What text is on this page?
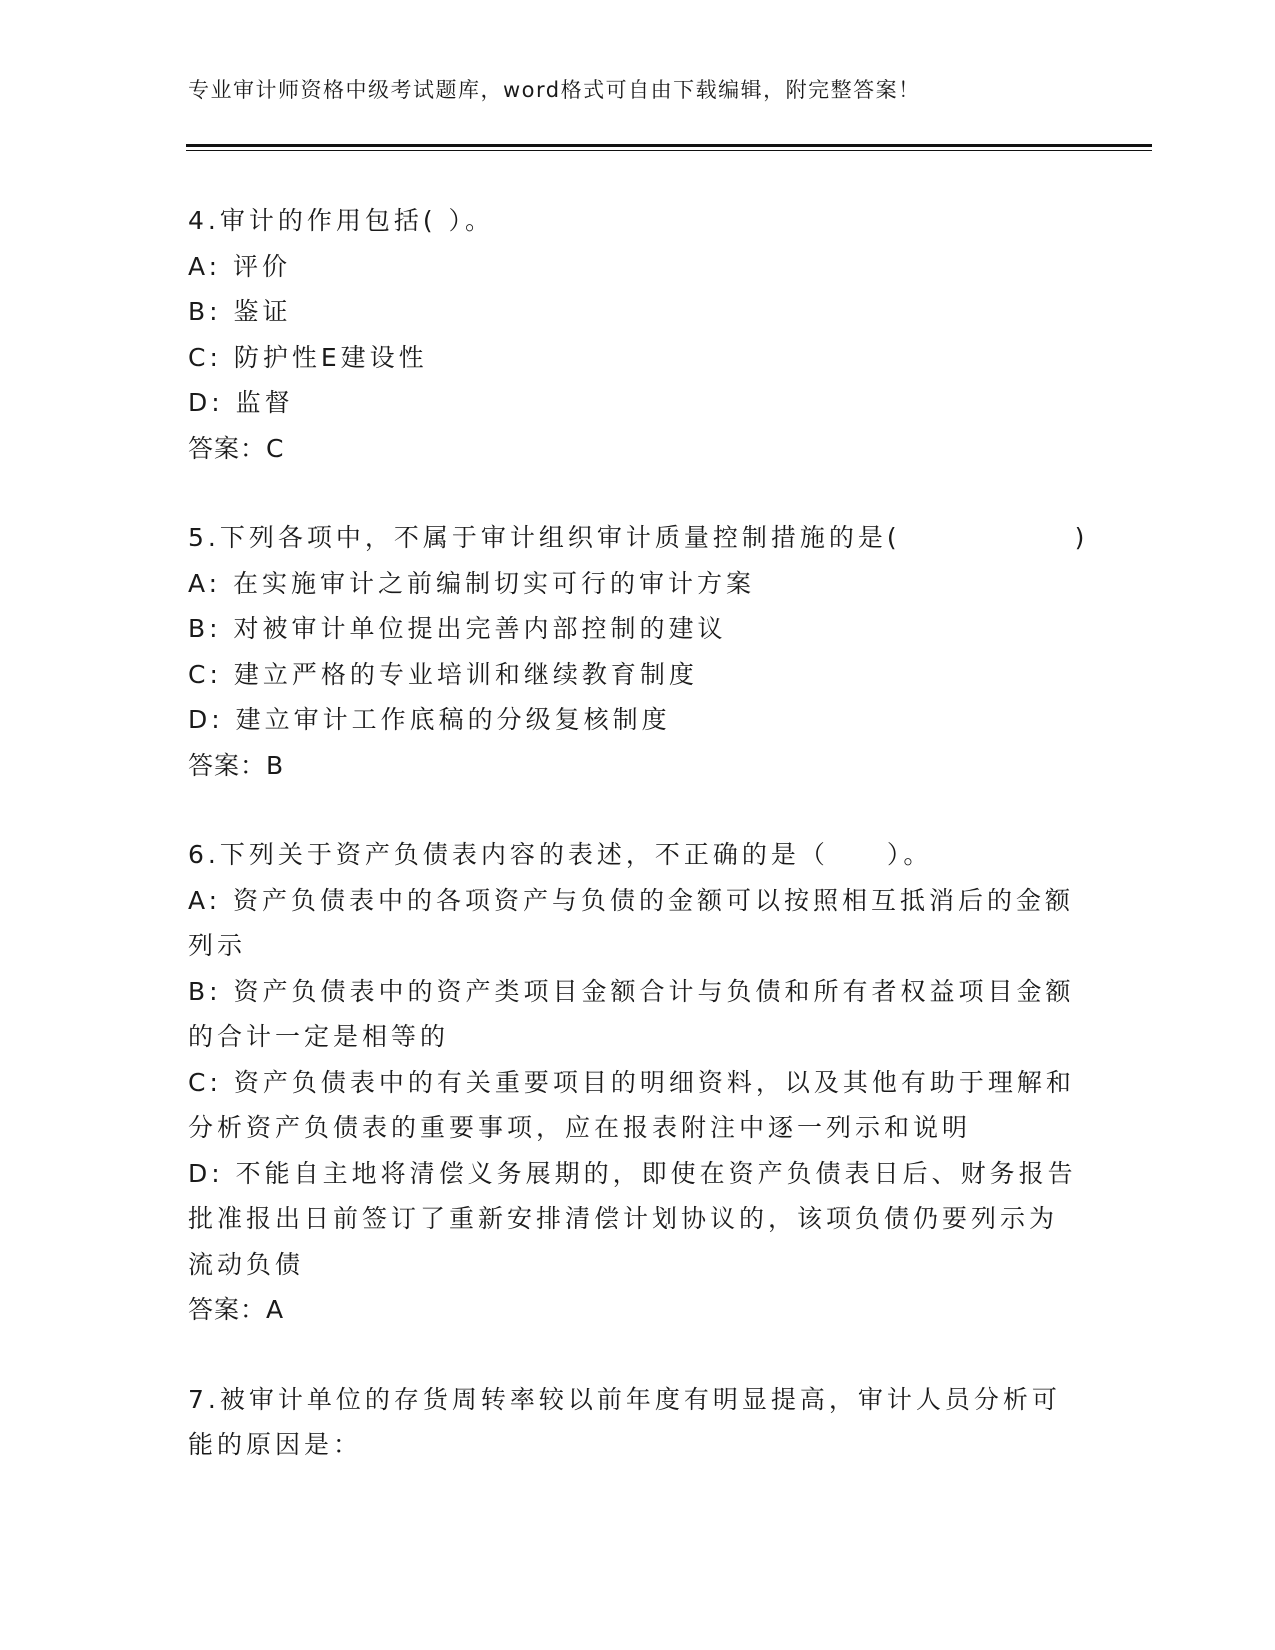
专业审计师资格中级考试题库，word格式可自由下载编辑，附完整答案！
4.审计的作用包括( ）。
A: 评价
B: 鉴证
C: 防护性E建设性
D: 监督
答案：C
5.下列各项中，不属于审计组织审计质量控制措施的是(　　　　　　)
A: 在实施审计之前编制切实可行的审计方案
B: 对被审计单位提出完善内部控制的建议
C: 建立严格的专业培训和继续教育制度
D: 建立审计工作底稿的分级复核制度
答案：B
6.下列关于资产负债表内容的表述，不正确的是（　　）。
A: 资产负债表中的各项资产与负债的金额可以按照相互抵消后的金额
列示
B: 资产负债表中的资产类项目金额合计与负债和所有者权益项目金额
的合计一定是相等的
C: 资产负债表中的有关重要项目的明细资料，以及其他有助于理解和
分析资产负债表的重要事项，应在报表附注中逐一列示和说明
D: 不能自主地将清偿义务展期的，即使在资产负债表日后、财务报告
批准报出日前签订了重新安排清偿计划协议的，该项负债仍要列示为
流动负债
答案：A
7.被审计单位的存货周转率较以前年度有明显提高，审计人员分析可
能的原因是：
